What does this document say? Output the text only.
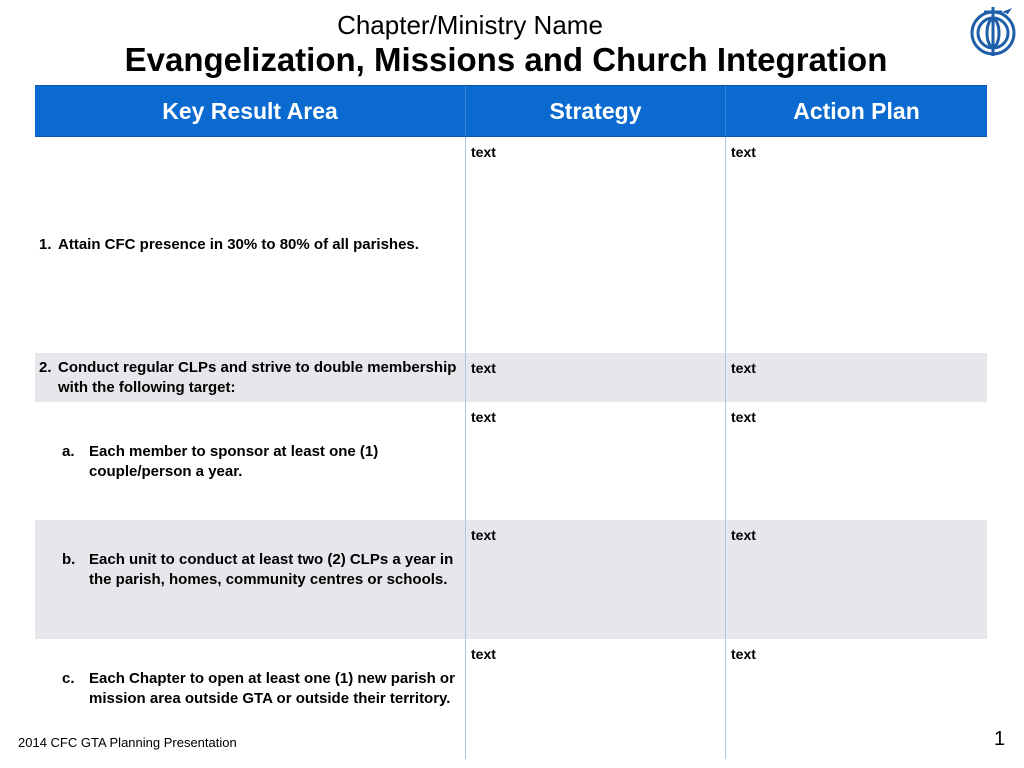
Chapter/Ministry Name
Evangelization, Missions and Church Integration
Key Result Area	Strategy	Action Plan
1. Attain CFC presence in 30% to 80% of all parishes.
text	text
2. Conduct regular CLPs and strive to double membership with the following target:
text	text
a. Each member to sponsor at least one (1) couple/person a year.
text	text
b. Each unit to conduct at least two (2) CLPs a year in the parish, homes, community centres or schools.
text	text
c. Each Chapter to open at least one (1) new parish or mission area outside GTA or outside their territory.
text	text
2014 CFC GTA Planning Presentation	1
